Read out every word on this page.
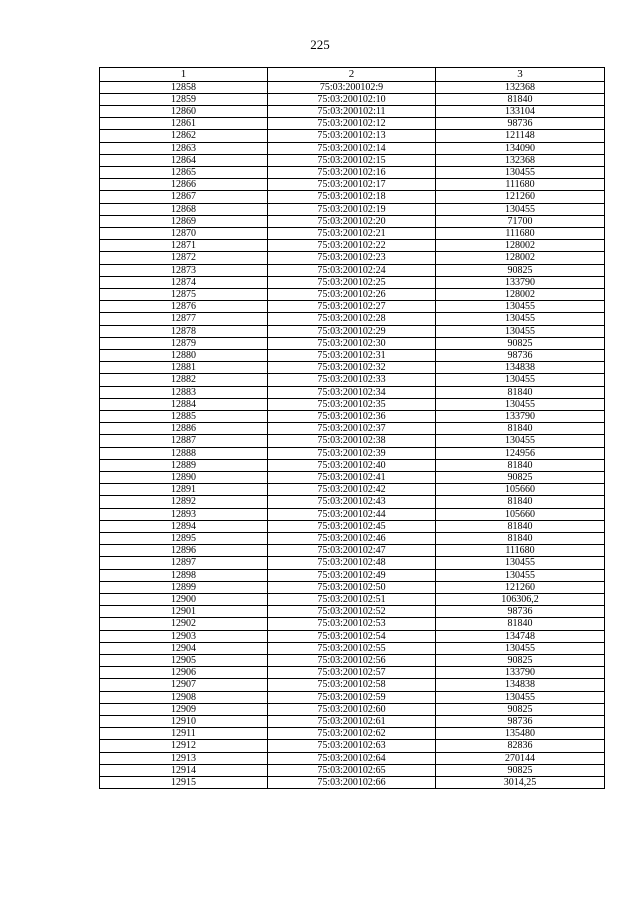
225
1	2	3
12858	75:03:200102:9	132368
12859	75:03:200102:10	81840
12860	75:03:200102:11	133104
12861	75:03:200102:12	98736
12862	75:03:200102:13	121148
12863	75:03:200102:14	134090
12864	75:03:200102:15	132368
12865	75:03:200102:16	130455
12866	75:03:200102:17	111680
12867	75:03:200102:18	121260
12868	75:03:200102:19	130455
12869	75:03:200102:20	71700
12870	75:03:200102:21	111680
12871	75:03:200102:22	128002
12872	75:03:200102:23	128002
12873	75:03:200102:24	90825
12874	75:03:200102:25	133790
12875	75:03:200102:26	128002
12876	75:03:200102:27	130455
12877	75:03:200102:28	130455
12878	75:03:200102:29	130455
12879	75:03:200102:30	90825
12880	75:03:200102:31	98736
12881	75:03:200102:32	134838
12882	75:03:200102:33	130455
12883	75:03:200102:34	81840
12884	75:03:200102:35	130455
12885	75:03:200102:36	133790
12886	75:03:200102:37	81840
12887	75:03:200102:38	130455
12888	75:03:200102:39	124956
12889	75:03:200102:40	81840
12890	75:03:200102:41	90825
12891	75:03:200102:42	105660
12892	75:03:200102:43	81840
12893	75:03:200102:44	105660
12894	75:03:200102:45	81840
12895	75:03:200102:46	81840
12896	75:03:200102:47	111680
12897	75:03:200102:48	130455
12898	75:03:200102:49	130455
12899	75:03:200102:50	121260
12900	75:03:200102:51	106306,2
12901	75:03:200102:52	98736
12902	75:03:200102:53	81840
12903	75:03:200102:54	134748
12904	75:03:200102:55	130455
12905	75:03:200102:56	90825
12906	75:03:200102:57	133790
12907	75:03:200102:58	134838
12908	75:03:200102:59	130455
12909	75:03:200102:60	90825
12910	75:03:200102:61	98736
12911	75:03:200102:62	135480
12912	75:03:200102:63	82836
12913	75:03:200102:64	270144
12914	75:03:200102:65	90825
12915	75:03:200102:66	3014,25
